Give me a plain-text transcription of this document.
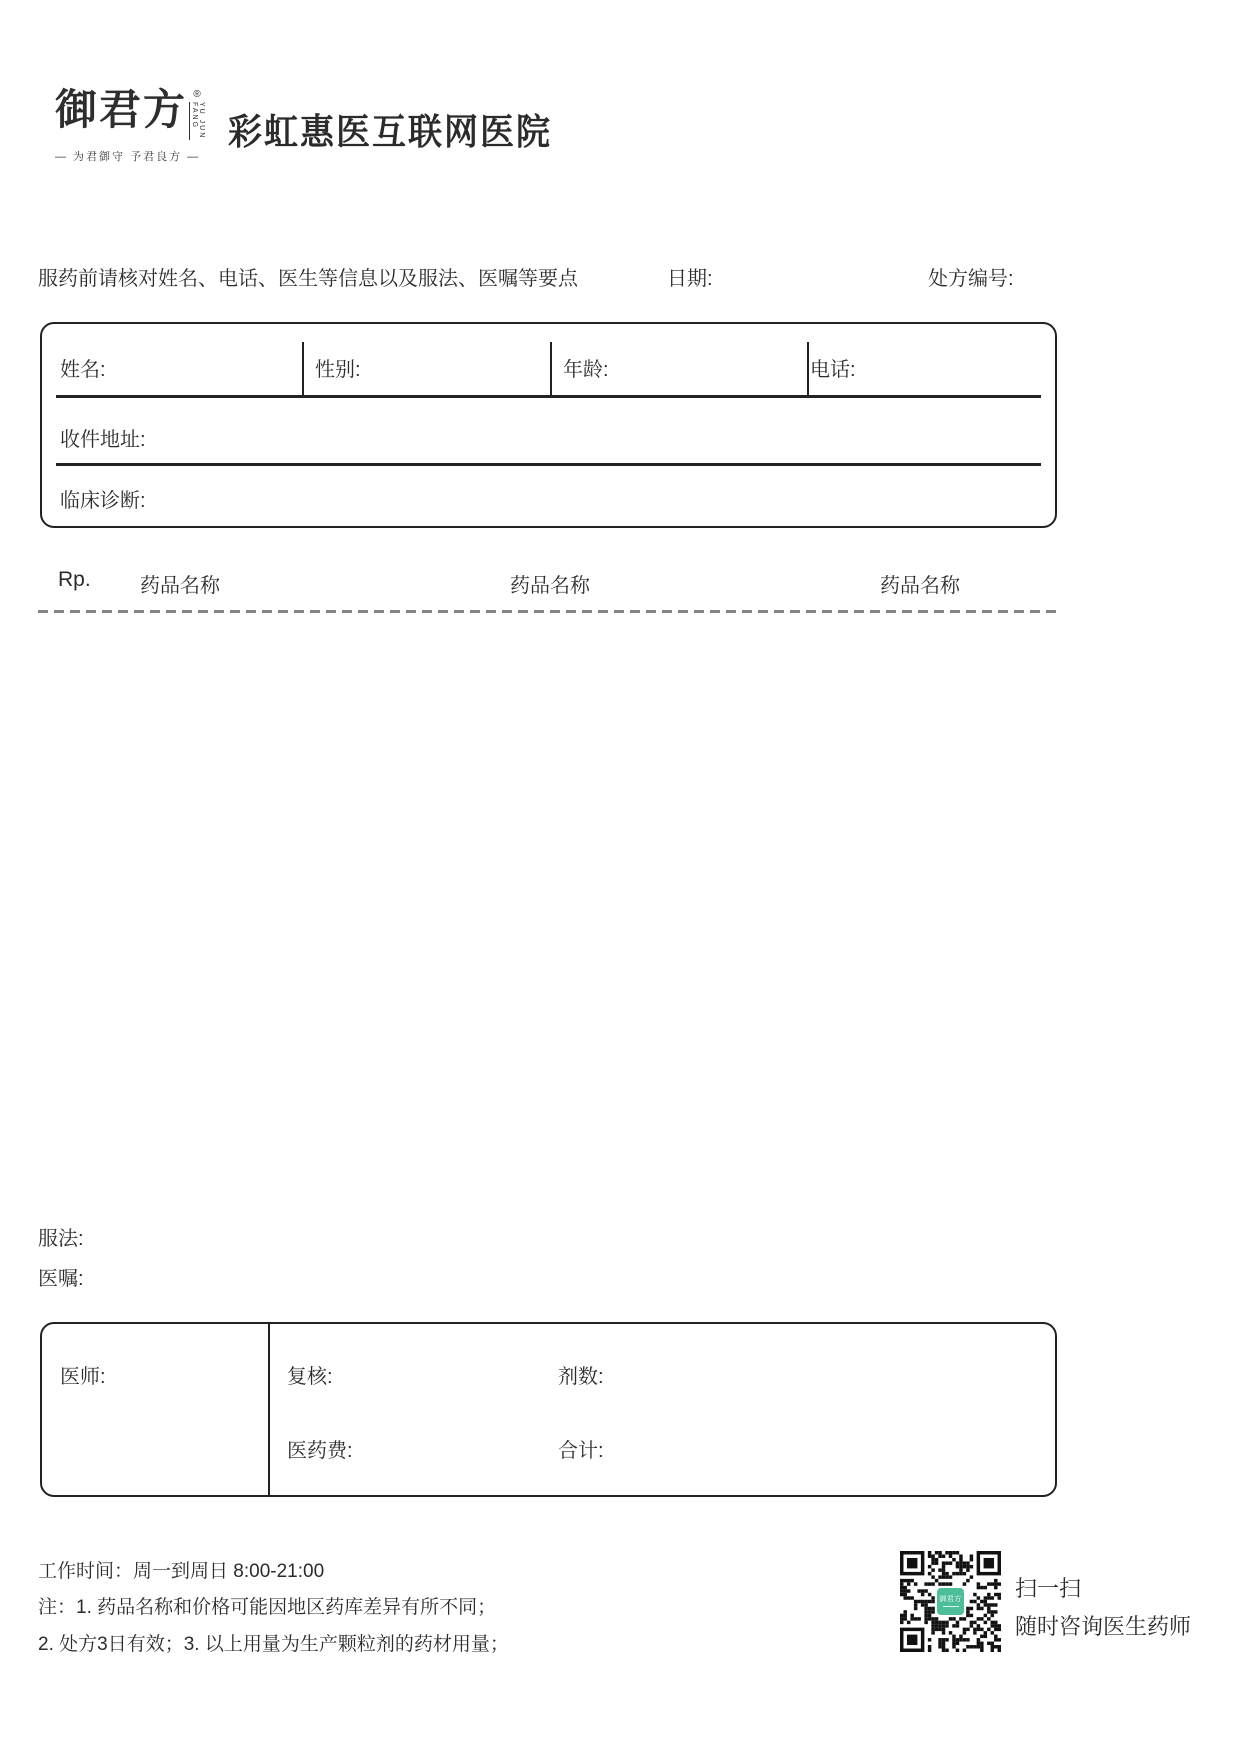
御君方 ®
YU JUN FANG
— 为君御守 予君良方 —
彩虹惠医互联网医院
服药前请核对姓名、电话、医生等信息以及服法、医嘱等要点	日期:	处方编号:
姓名:	性别:	年龄:	电话:
收件地址:
临床诊断:
Rp. 药品名称	药品名称	药品名称
服法:
医嘱:
医师:	复核:	剂数:
医药费:	合计:
工作时间：周一到周日 8:00-21:00
注：1. 药品名称和价格可能因地区药库差异有所不同；
2. 处方3日有效；3. 以上用量为生产颗粒剂的药材用量；
御君方 扫一扫
随时咨询医生药师
